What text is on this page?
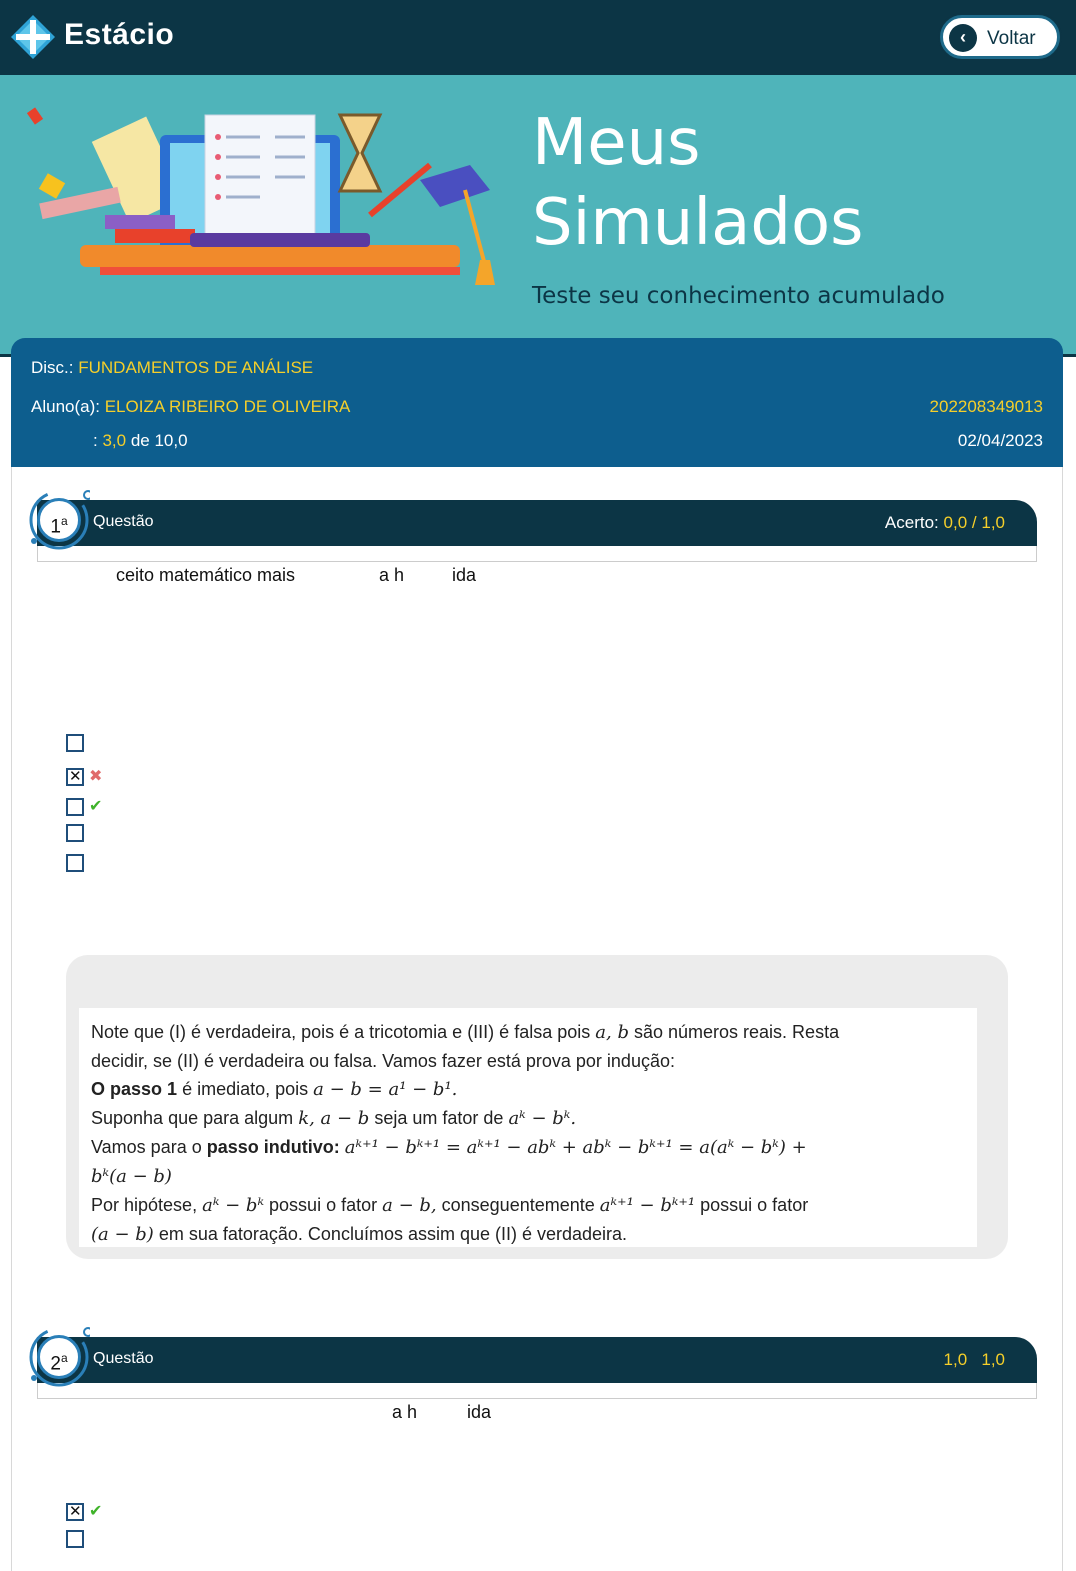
Estácio	‹	Voltar
Meus
Simulados
Teste seu conhecimento acumulado
Disc.: FUNDAMENTOS DE ANÁLISE
Aluno(a): ELOIZA RIBEIRO DE OLIVEIRA	202208349013
: 3,0 de 10,0	02/04/2023
Questão	Acerto: 0,0 / 1,0
1$^a$
ceito matemático mais	a h	ida
✕
✖
✔

Note que (I) é verdadeira, pois é a tricotomia e (III) é falsa pois a, b são números reais. Resta

decidir, se (II) é verdadeira ou falsa. Vamos fazer está prova por indução:

O passo 1 é imediato, pois a − b = a¹ − b¹.

Suponha que para algum k, a − b seja um fator de aᵏ − bᵏ.

Vamos para o passo indutivo: aᵏ⁺¹ − bᵏ⁺¹ = aᵏ⁺¹ − abᵏ + abᵏ − bᵏ⁺¹ = a(aᵏ − bᵏ) +

bᵏ(a − b)

Por hipótese, aᵏ − bᵏ possui o fator a − b, conseguentemente aᵏ⁺¹ − bᵏ⁺¹ possui o fator

(a − b) em sua fatoração. Concluímos assim que (II) é verdadeira.

Questão	1,0 1,0
2$^a$
a h	ida
✕
✔
